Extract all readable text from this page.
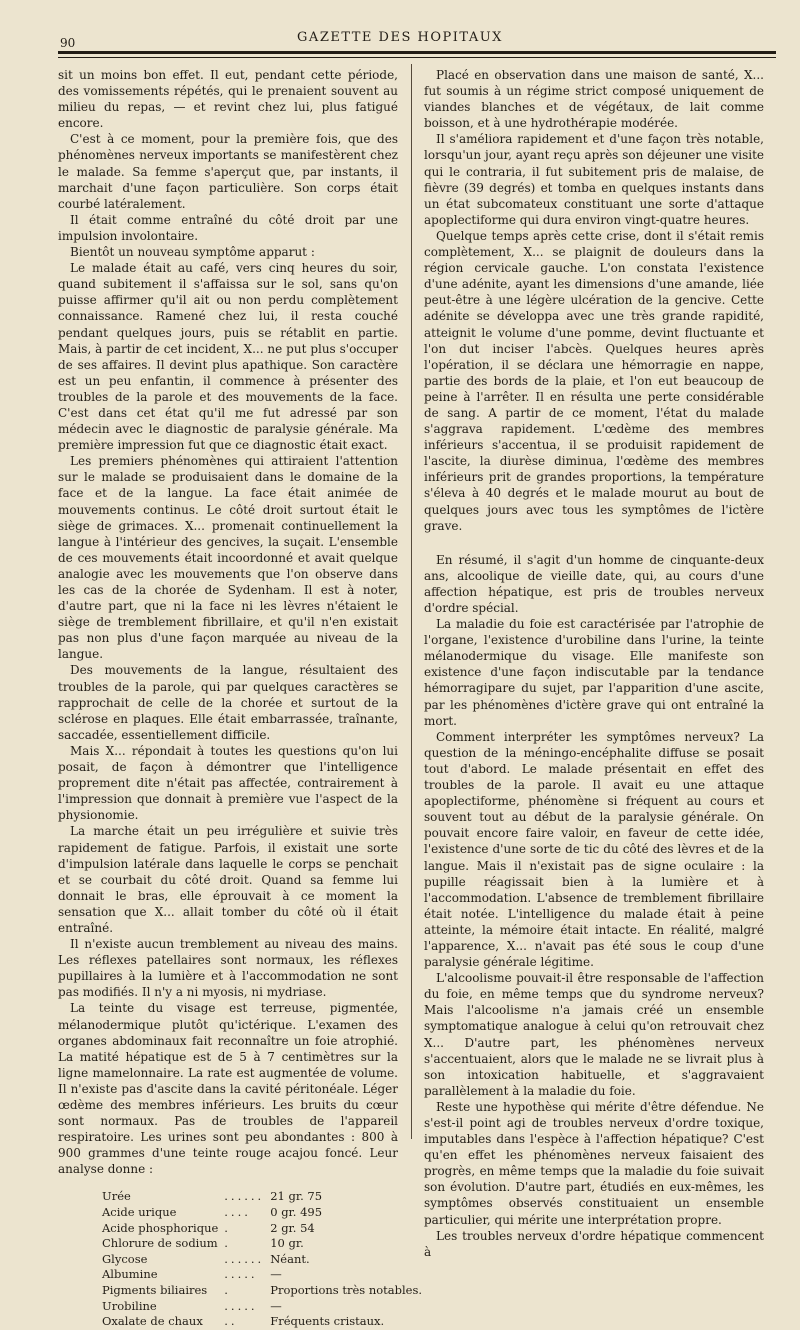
90	GAZETTE DES HOPITAUX

sit un moins bon effet. Il eut, pendant cette période, des vomissements répétés, qui le prenaient souvent au milieu du repas, — et revint chez lui, plus fatigué encore.

C'est à ce moment, pour la première fois, que des phénomènes nerveux importants se manifestèrent chez le malade. Sa femme s'aperçut que, par instants, il marchait d'une façon particulière. Son corps était courbé latéralement.

Il était comme entraîné du côté droit par une impulsion involontaire.

Bientôt un nouveau symptôme apparut :

Le malade était au café, vers cinq heures du soir, quand subitement il s'affaissa sur le sol, sans qu'on puisse affirmer qu'il ait ou non perdu complètement connaissance. Ramené chez lui, il resta couché pendant quelques jours, puis se rétablit en partie. Mais, à partir de cet incident, X... ne put plus s'occuper de ses affaires. Il devint plus apathique. Son caractère est un peu enfantin, il commence à présenter des troubles de la parole et des mouvements de la face. C'est dans cet état qu'il me fut adressé par son médecin avec le diagnostic de paralysie générale. Ma première impression fut que ce diagnostic était exact.

Les premiers phénomènes qui attiraient l'attention sur le malade se produisaient dans le domaine de la face et de la langue. La face était animée de mouvements continus. Le côté droit surtout était le siège de grimaces. X... promenait continuellement la langue à l'intérieur des gencives, la suçait. L'ensemble de ces mouvements était incoordonné et avait quelque analogie avec les mouvements que l'on observe dans les cas de la chorée de Sydenham. Il est à noter, d'autre part, que ni la face ni les lèvres n'étaient le siège de tremblement fibrillaire, et qu'il n'en existait pas non plus d'une façon marquée au niveau de la langue.

Des mouvements de la langue, résultaient des troubles de la parole, qui par quelques caractères se rapprochait de celle de la chorée et surtout de la sclérose en plaques. Elle était embarrassée, traînante, saccadée, essentiellement difficile.

Mais X... répondait à toutes les questions qu'on lui posait, de façon à démontrer que l'intelligence proprement dite n'était pas affectée, contrairement à l'impression que donnait à première vue l'aspect de la physionomie.

La marche était un peu irrégulière et suivie très rapidement de fatigue. Parfois, il existait une sorte d'impulsion latérale dans laquelle le corps se penchait et se courbait du côté droit. Quand sa femme lui donnait le bras, elle éprouvait à ce moment la sensation que X... allait tomber du côté où il était entraîné.

Il n'existe aucun tremblement au niveau des mains. Les réflexes patellaires sont normaux, les réflexes pupillaires à la lumière et à l'accommodation ne sont pas modifiés. Il n'y a ni myosis, ni mydriase.

La teinte du visage est terreuse, pigmentée, mélanodermique plutôt qu'ictérique. L'examen des organes abdominaux fait reconnaître un foie atrophié. La matité hépatique est de 5 à 7 centimètres sur la ligne mamelonnaire. La rate est augmentée de volume. Il n'existe pas d'ascite dans la cavité péritonéale. Léger œdème des membres inférieurs. Les bruits du cœur sont normaux. Pas de troubles de l'appareil respiratoire. Les urines sont peu abondantes : 800 à 900 grammes d'une teinte rouge acajou foncé. Leur analyse donne :

Urée	......	21 gr. 75
Acide urique	....	0 gr. 495
Acide phosphorique	.	2 gr. 54
Chlorure de sodium	.	10 gr.
Glycose	......	Néant.
Albumine	.....	—
Pigments biliaires	.	Proportions très notables.
Urobiline	.....	—
Oxalate de chaux	..	Fréquents cristaux.

Placé en observation dans une maison de santé, X... fut soumis à un régime strict composé uniquement de viandes blanches et de végétaux, de lait comme boisson, et à une hydrothérapie modérée.

Il s'améliora rapidement et d'une façon très notable, lorsqu'un jour, ayant reçu après son déjeuner une visite qui le contraria, il fut subitement pris de malaise, de fièvre (39 degrés) et tomba en quelques instants dans un état subcomateux constituant une sorte d'attaque apoplectiforme qui dura environ vingt-quatre heures.

Quelque temps après cette crise, dont il s'était remis complètement, X... se plaignit de douleurs dans la région cervicale gauche. L'on constata l'existence d'une adénite, ayant les dimensions d'une amande, liée peut-être à une légère ulcération de la gencive. Cette adénite se développa avec une très grande rapidité, atteignit le volume d'une pomme, devint fluctuante et l'on dut inciser l'abcès. Quelques heures après l'opération, il se déclara une hémorragie en nappe, partie des bords de la plaie, et l'on eut beaucoup de peine à l'arrêter. Il en résulta une perte considérable de sang. A partir de ce moment, l'état du malade s'aggrava rapidement. L'œdème des membres inférieurs s'accentua, il se produisit rapidement de l'ascite, la diurèse diminua, l'œdème des membres inférieurs prit de grandes proportions, la température s'éleva à 40 degrés et le malade mourut au bout de quelques jours avec tous les symptômes de l'ictère grave.

En résumé, il s'agit d'un homme de cinquante-deux ans, alcoolique de vieille date, qui, au cours d'une affection hépatique, est pris de troubles nerveux d'ordre spécial.

La maladie du foie est caractérisée par l'atrophie de l'organe, l'existence d'urobiline dans l'urine, la teinte mélanodermique du visage. Elle manifeste son existence d'une façon indiscutable par la tendance hémorragipare du sujet, par l'apparition d'une ascite, par les phénomènes d'ictère grave qui ont entraîné la mort.

Comment interpréter les symptômes nerveux? La question de la méningo-encéphalite diffuse se posait tout d'abord. Le malade présentait en effet des troubles de la parole. Il avait eu une attaque apoplectiforme, phénomène si fréquent au cours et souvent tout au début de la paralysie générale. On pouvait encore faire valoir, en faveur de cette idée, l'existence d'une sorte de tic du côté des lèvres et de la langue. Mais il n'existait pas de signe oculaire : la pupille réagissait bien à la lumière et à l'accommodation. L'absence de tremblement fibrillaire était notée. L'intelligence du malade était à peine atteinte, la mémoire était intacte. En réalité, malgré l'apparence, X... n'avait pas été sous le coup d'une paralysie générale légitime.

L'alcoolisme pouvait-il être responsable de l'affection du foie, en même temps que du syndrome nerveux? Mais l'alcoolisme n'a jamais créé un ensemble symptomatique analogue à celui qu'on retrouvait chez X... D'autre part, les phénomènes nerveux s'accentuaient, alors que le malade ne se livrait plus à son intoxication habituelle, et s'aggravaient parallèlement à la maladie du foie.

Reste une hypothèse qui mérite d'être défendue. Ne s'est-il point agi de troubles nerveux d'ordre toxique, imputables dans l'espèce à l'affection hépatique? C'est qu'en effet les phénomènes nerveux faisaient des progrès, en même temps que la maladie du foie suivait son évolution. D'autre part, étudiés en eux-mêmes, les symptômes observés constituaient un ensemble particulier, qui mérite une interprétation propre.

Les troubles nerveux d'ordre hépatique commencent à
